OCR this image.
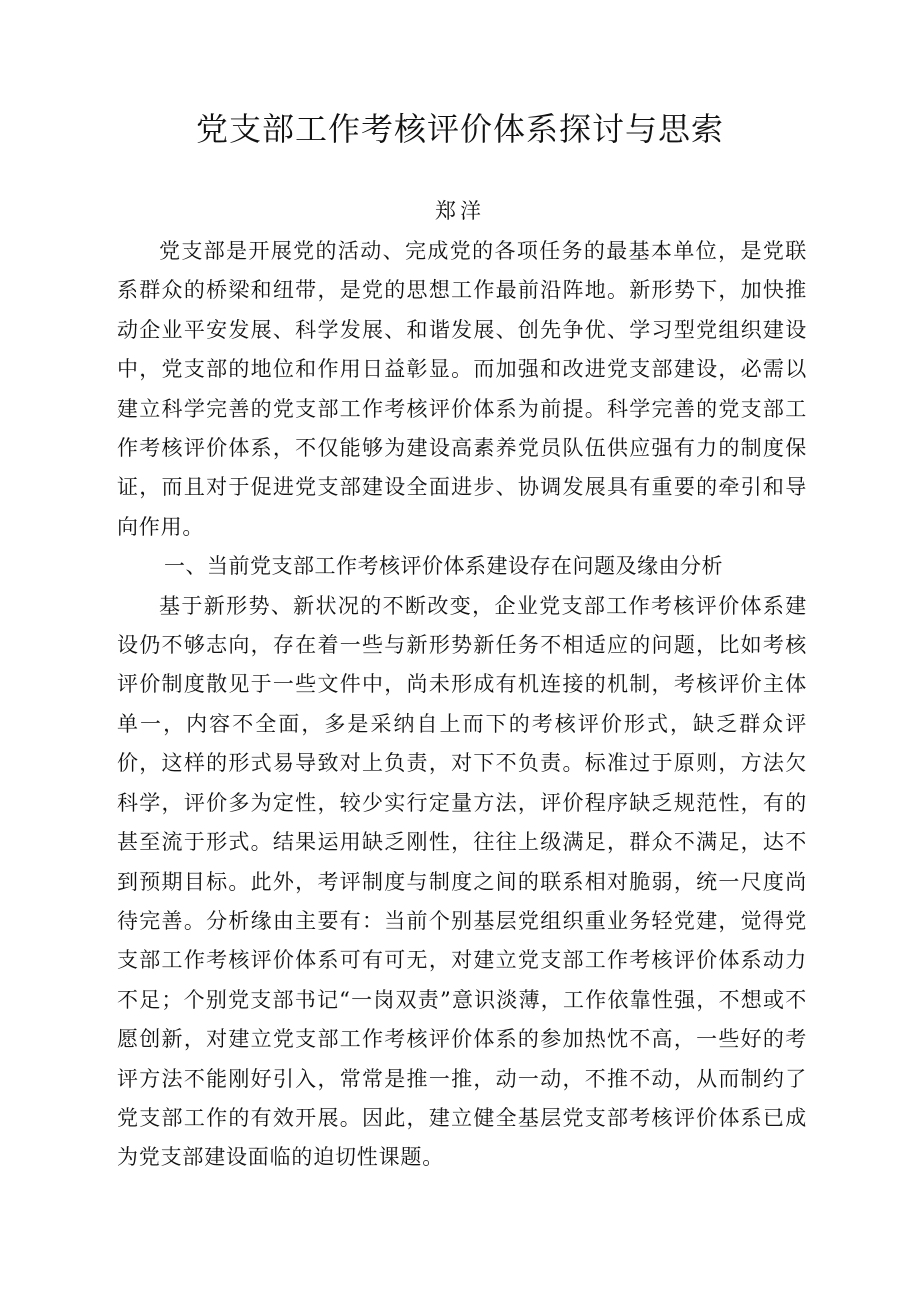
党支部工作考核评价体系探讨与思索
郑洋

党支部是开展党的活动、完成党的各项任务的最基本单位，是党联系群众的桥梁和纽带，是党的思想工作最前沿阵地。新形势下，加快推动企业平安发展、科学发展、和谐发展、创先争优、学习型党组织建设中，党支部的地位和作用日益彰显。而加强和改进党支部建设，必需以建立科学完善的党支部工作考核评价体系为前提。科学完善的党支部工作考核评价体系，不仅能够为建设高素养党员队伍供应强有力的制度保证，而且对于促进党支部建设全面进步、协调发展具有重要的牵引和导向作用。

一、当前党支部工作考核评价体系建设存在问题及缘由分析

基于新形势、新状况的不断改变，企业党支部工作考核评价体系建设仍不够志向，存在着一些与新形势新任务不相适应的问题，比如考核评价制度散见于一些文件中，尚未形成有机连接的机制，考核评价主体单一，内容不全面，多是采纳自上而下的考核评价形式，缺乏群众评价，这样的形式易导致对上负责，对下不负责。标准过于原则，方法欠科学，评价多为定性，较少实行定量方法，评价程序缺乏规范性，有的甚至流于形式。结果运用缺乏刚性，往往上级满足，群众不满足，达不到预期目标。此外，考评制度与制度之间的联系相对脆弱，统一尺度尚待完善。分析缘由主要有：当前个别基层党组织重业务轻党建，觉得党支部工作考核评价体系可有可无，对建立党支部工作考核评价体系动力不足；个别党支部书记“一岗双责”意识淡薄，工作依靠性强，不想或不愿创新，对建立党支部工作考核评价体系的参加热忱不高，一些好的考评方法不能刚好引入，常常是推一推，动一动，不推不动，从而制约了党支部工作的有效开展。因此，建立健全基层党支部考核评价体系已成为党支部建设面临的迫切性课题。
